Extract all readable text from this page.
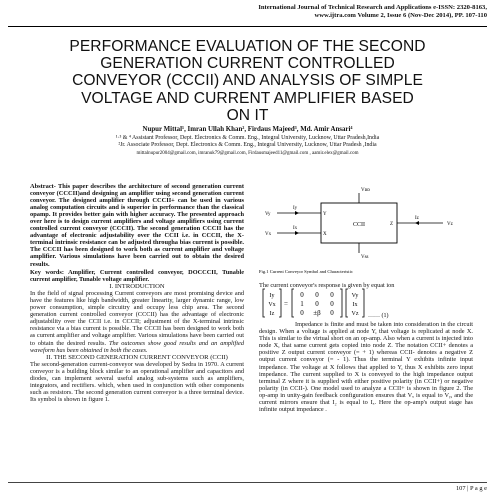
International Journal of Technical Research and Applications e-ISSN: 2320-8163,
www.ijtra.com Volume 2, Issue 6 (Nov-Dec 2014), PP. 107-110
PERFORMANCE EVALUATION OF THE SECOND
GENERATION CURRENT CONTROLLED
CONVEYOR (CCCII) AND ANALYSIS OF SIMPLE
VOLTAGE AND CURRENT AMPLIFIER BASED
ON IT
Nupur Mittal¹, Imran Ullah Khan², Firdaus Majeed³, Md. Amir Ansari⁴
¹·³ & ⁴ Assistant Professor, Dept. Electronics & Comm. Eng., Integral University, Lucknow, Uttar Pradesh,India
²Jr. Associate Professor, Dept. Electronics & Comm. Eng., Integral University, Lucknow, Uttar Pradesh ,India
mittalnupur2004@gmail.com, imranuk79@gmail.com, Firdausmajeed11@gmail.com , aamir.elex@gmail.com

Abstract- This paper describes the architecture of second generation current conveyor (CCCII)and designing an amplifier using second generation current conveyor. The designed amplifier through CCCII+ can be used in various analog computation circuits and is superior in performance than the classical opamp. It provides better gain with higher accuracy. The presented approach over here is to design current amplifiers and voltage amplifiers using current controlled current conveyor (CCCII). The second generation CCCII has the advantage of electronic adjustability over the CCII i.e. in CCCII, the X-terminal intrinsic resistance can be adjusted througha bias current is possible. The CCCII has been designed to work both as current amplifier and voltage amplifier. Various simulations have been carried out to obtain the desired results.

Key words: Amplifier, Current controlled conveyor, DOCCCII, Tunable current amplifier, Tunable voltage amplifier.

I. INTRODUCTION

In the field of signal processing Current conveyors are most promising device and have the features like high bandwidth, greater linearity, larger dynamic range, low power consumption, simple circuitry and occupy less chip area. The second generation current controlled conveyor (CCCII) has the advantage of electronic adjustability over the CCII i.e. in CCCII; adjustment of the X-terminal intrinsic resistance via a bias current is possible. The CCCII has been designed to work both as current amplifier and voltage amplifier. Various simulations have been carried out to obtain the desired results. The outcomes show good results and an amplified waveform has been obtained in both the cases.

II. THE SECOND GENERATION CURRENT CONVEYOR (CCII)

The second-generation current-conveyor was developed by Sedra in 1970. A current conveyor is a building block similar to an operational amplifier and capacitors and diodes, can implement several useful analog sub-systems such as amplifiers, integrators, and rectifiers. which, when used in conjunction with other components such as resistors. The second generation current conveyor is a three terminal device. Its symbol is shown in figure 1.

CCII
Vᴅᴅ
Vss
Iy
Vy	Y
Ix
Vx	X
Iz
Vz
Z
Fig.1 Current Conveyor Symbol and Characteristic
The current conveyor's response is given by equat ion
Iy
Vx
Iz
=
0 0 0
1 0 0
0 ±β 0
Vy
Ix
Vz …… (1)

Impedance is finite and must be taken into consideration in the circuit design. When a voltage is applied at node Y, that voltage is replicated at node X. This is similar to the virtual short on an op-amp. Also when a current is injected into node X, that same current gets copied into node Z. The notation CCII+ denotes a positive Z output current conveyor (= + 1) whereas CCII- denotes a negative Z output current conveyor (= - 1). Thus the terminal Y exhibits infinite input impedance. The voltage at X follows that applied to Y, thus X exhibits zero input impedance. The current supplied to X is conveyed to the high impedance output terminal Z where it is supplied with either positive polarity (in CCII+) or negative polarity (in CCII-). One model used to analyze a CCII+ is shown in figure 2. The op-amp in unity-gain feedback configuration ensures that Vₓ is equal to Vᵧ, and the current mirrors ensure that I₂ is equal to Iₓ. Here the op-amp's output stage has infinite output impedance .

107 | P a g e
